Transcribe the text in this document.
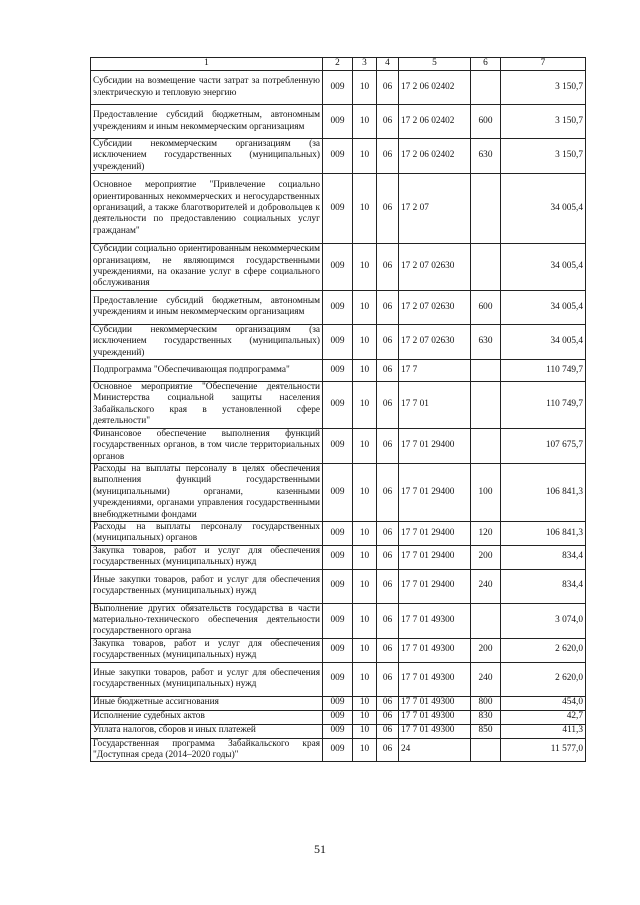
1	2	3	4	5	6	7
Субсидии на возмещение части затрат за потребленную электрическую и тепловую энергию	009	10	06	17 2 06 02402		3 150,7
Предоставление субсидий бюджетным, автономным учреждениям и иным некоммерческим организациям	009	10	06	17 2 06 02402	600	3 150,7
Субсидии некоммерческим организациям (за исключением государственных (муниципальных) учреждений)	009	10	06	17 2 06 02402	630	3 150,7
Основное мероприятие "Привлечение социально ориентированных некоммерческих и негосударственных организаций, а также благотворителей и добровольцев к деятельности по предоставлению социальных услуг гражданам"	009	10	06	17 2 07		34 005,4
Субсидии социально ориентированным некоммерческим организациям, не являющимся государственными учреждениями, на оказание услуг в сфере социального обслуживания	009	10	06	17 2 07 02630		34 005,4
Предоставление субсидий бюджетным, автономным учреждениям и иным некоммерческим организациям	009	10	06	17 2 07 02630	600	34 005,4
Субсидии некоммерческим организациям (за исключением государственных (муниципальных) учреждений)	009	10	06	17 2 07 02630	630	34 005,4
Подпрограмма "Обеспечивающая подпрограмма"	009	10	06	17 7		110 749,7
Основное мероприятие "Обеспечение деятельности Министерства социальной защиты населения Забайкальского края в установленной сфере деятельности"	009	10	06	17 7 01		110 749,7
Финансовое обеспечение выполнения функций государственных органов, в том числе территориальных органов	009	10	06	17 7 01 29400		107 675,7
Расходы на выплаты персоналу в целях обеспечения выполнения функций государственными (муниципальными) органами, казенными учреждениями, органами управления государственными внебюджетными фондами	009	10	06	17 7 01 29400	100	106 841,3
Расходы на выплаты персоналу государственных (муниципальных) органов	009	10	06	17 7 01 29400	120	106 841,3
Закупка товаров, работ и услуг для обеспечения государственных (муниципальных) нужд	009	10	06	17 7 01 29400	200	834,4
Иные закупки товаров, работ и услуг для обеспечения государственных (муниципальных) нужд	009	10	06	17 7 01 29400	240	834,4
Выполнение других обязательств государства в части материально-технического обеспечения деятельности государственного органа	009	10	06	17 7 01 49300		3 074,0
Закупка товаров, работ и услуг для обеспечения государственных (муниципальных) нужд	009	10	06	17 7 01 49300	200	2 620,0
Иные закупки товаров, работ и услуг для обеспечения государственных (муниципальных) нужд	009	10	06	17 7 01 49300	240	2 620,0
Иные бюджетные ассигнования	009	10	06	17 7 01 49300	800	454,0
Исполнение судебных актов	009	10	06	17 7 01 49300	830	42,7
Уплата налогов, сборов и иных платежей	009	10	06	17 7 01 49300	850	411,3
Государственная программа Забайкальского края "Доступная среда (2014–2020 годы)"	009	10	06	24		11 577,0
51
